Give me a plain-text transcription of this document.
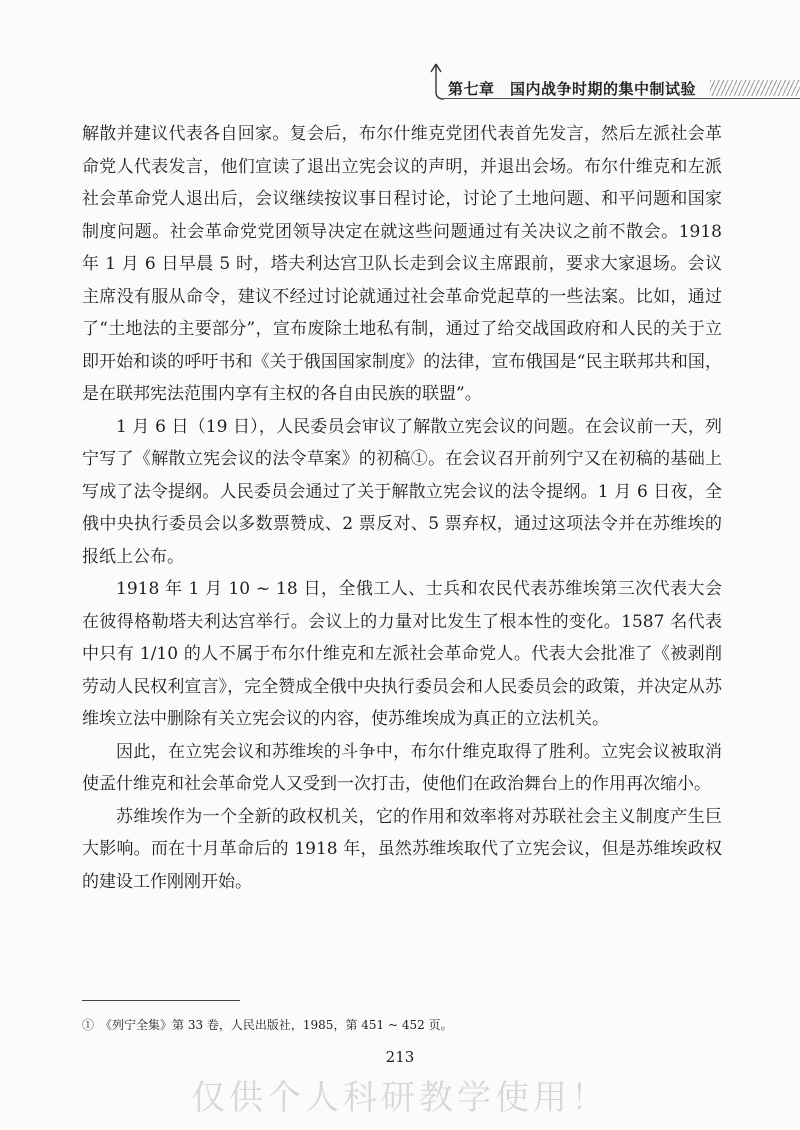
第七章　国内战争时期的集中制试验

解散并建议代表各自回家。复会后，布尔什维克党团代表首先发言，然后左派社会革命党人代表发言，他们宣读了退出立宪会议的声明，并退出会场。布尔什维克和左派社会革命党人退出后，会议继续按议事日程讨论，讨论了土地问题、和平问题和国家制度问题。社会革命党党团领导决定在就这些问题通过有关决议之前不散会。1918 年 1 月 6 日早晨 5 时，塔夫利达宫卫队长走到会议主席跟前，要求大家退场。会议主席没有服从命令，建议不经过讨论就通过社会革命党起草的一些法案。比如，通过了“土地法的主要部分”，宣布废除土地私有制，通过了给交战国政府和人民的关于立即开始和谈的呼吁书和《关于俄国国家制度》的法律，宣布俄国是“民主联邦共和国，是在联邦宪法范围内享有主权的各自由民族的联盟”。

1 月 6 日（19 日），人民委员会审议了解散立宪会议的问题。在会议前一天，列宁写了《解散立宪会议的法令草案》的初稿①。在会议召开前列宁又在初稿的基础上写成了法令提纲。人民委员会通过了关于解散立宪会议的法令提纲。1 月 6 日夜，全俄中央执行委员会以多数票赞成、2 票反对、5 票弃权，通过这项法令并在苏维埃的报纸上公布。

1918 年 1 月 10 ~ 18 日，全俄工人、士兵和农民代表苏维埃第三次代表大会在彼得格勒塔夫利达宫举行。会议上的力量对比发生了根本性的变化。1587 名代表中只有 1/10 的人不属于布尔什维克和左派社会革命党人。代表大会批准了《被剥削劳动人民权利宣言》，完全赞成全俄中央执行委员会和人民委员会的政策，并决定从苏维埃立法中删除有关立宪会议的内容，使苏维埃成为真正的立法机关。

因此，在立宪会议和苏维埃的斗争中，布尔什维克取得了胜利。立宪会议被取消使孟什维克和社会革命党人又受到一次打击，使他们在政治舞台上的作用再次缩小。

苏维埃作为一个全新的政权机关，它的作用和效率将对苏联社会主义制度产生巨大影响。而在十月革命后的 1918 年，虽然苏维埃取代了立宪会议，但是苏维埃政权的建设工作刚刚开始。

①　《列宁全集》第 33 卷，人民出版社，1985，第 451 ~ 452 页。
213
仅供个人科研教学使用！
